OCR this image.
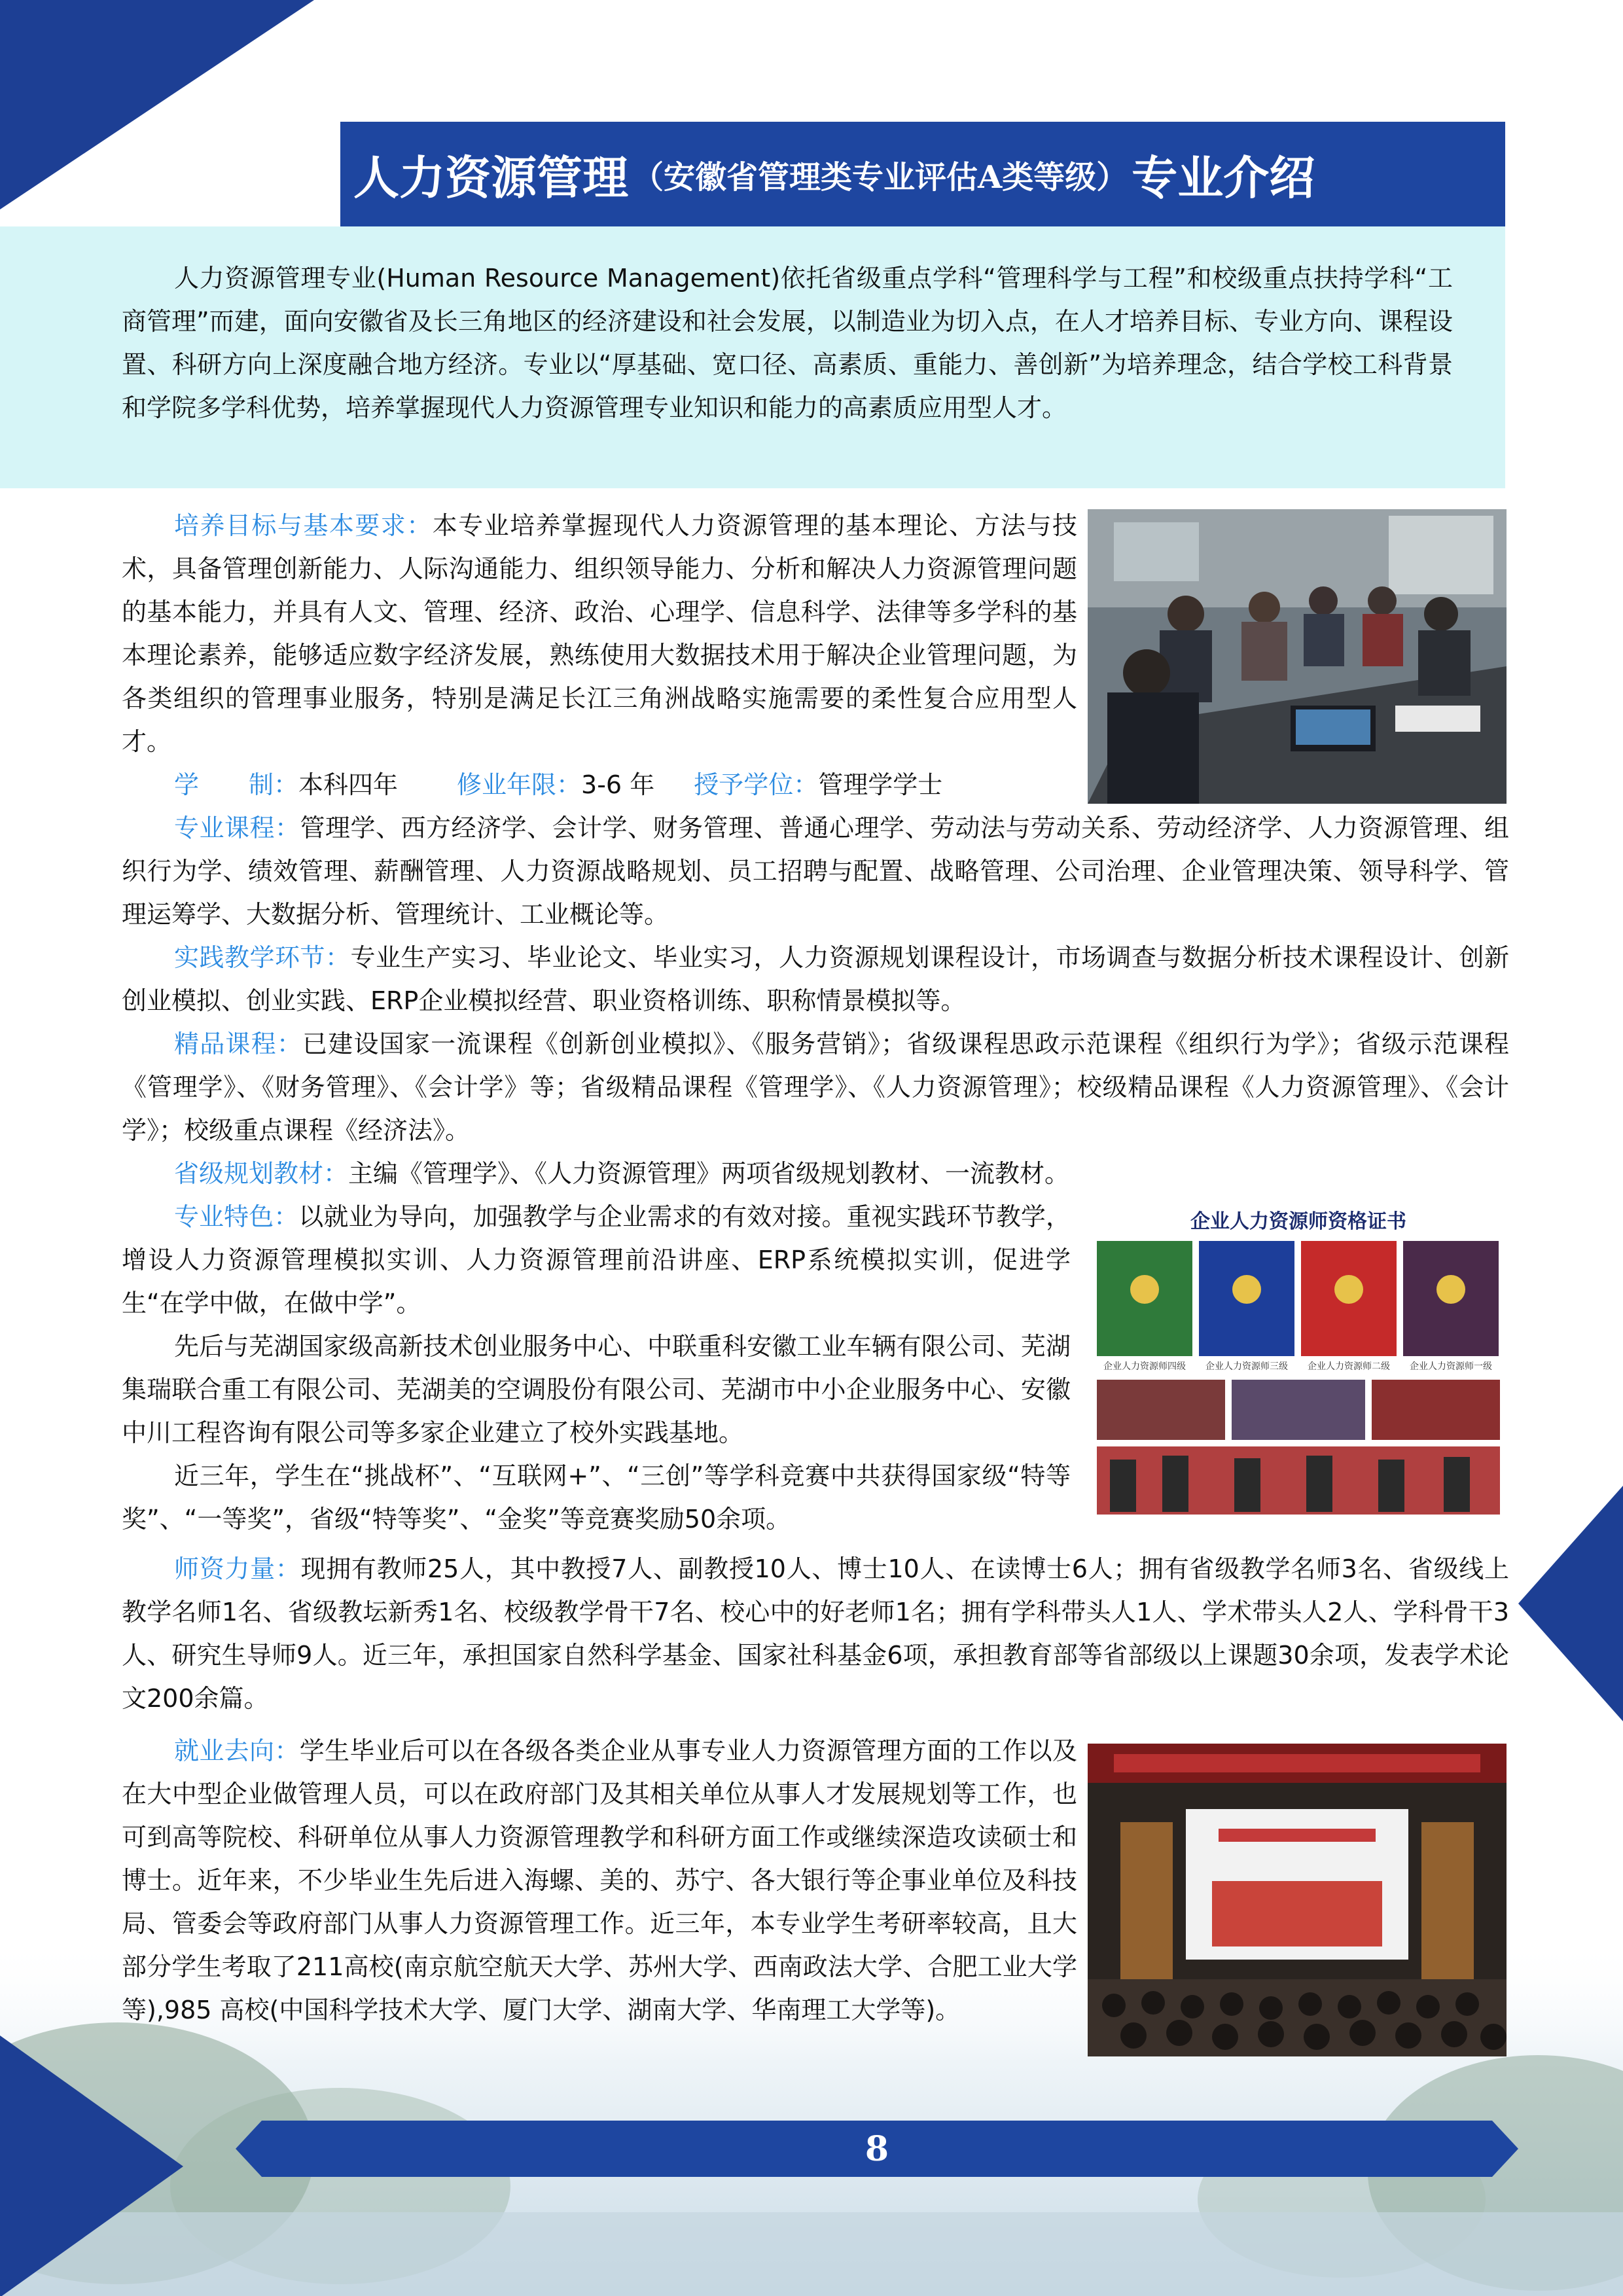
人力资源管理 （安徽省管理类专业评估A类等级） 专业介绍

人力资源管理专业(Human Resource Management)依托省级重点学科“管理科学与工程”和校级重点扶持学科“工商管理”而建，面向安徽省及长三角地区的经济建设和社会发展，以制造业为切入点，在人才培养目标、专业方向、课程设置、科研方向上深度融合地方经济。专业以“厚基础、宽口径、高素质、重能力、善创新”为培养理念，结合学校工科背景和学院多学科优势，培养掌握现代人力资源管理专业知识和能力的高素质应用型人才。

培养目标与基本要求：本专业培养掌握现代人力资源管理的基本理论、方法与技术，具备管理创新能力、人际沟通能力、组织领导能力、分析和解决人力资源管理问题的基本能力，并具有人文、管理、经济、政治、心理学、信息科学、法律等多学科的基本理论素养，能够适应数字经济发展，熟练使用大数据技术用于解决企业管理问题，为各类组织的管理事业服务，特别是满足长江三角洲战略实施需要的柔性复合应用型人才。

学　　制：本科四年 修业年限：3-6 年 授予学位：管理学学士

专业课程：管理学、西方经济学、会计学、财务管理、普通心理学、劳动法与劳动关系、劳动经济学、人力资源管理、组织行为学、绩效管理、薪酬管理、人力资源战略规划、员工招聘与配置、战略管理、公司治理、企业管理决策、领导科学、管理运筹学、大数据分析、管理统计、工业概论等。

实践教学环节：专业生产实习、毕业论文、毕业实习，人力资源规划课程设计，市场调查与数据分析技术课程设计、创新创业模拟、创业实践、ERP企业模拟经营、职业资格训练、职称情景模拟等。

精品课程：已建设国家一流课程《创新创业模拟》、《服务营销》；省级课程思政示范课程《组织行为学》；省级示范课程《管理学》、《财务管理》、《会计学》等；省级精品课程《管理学》、《人力资源管理》；校级精品课程《人力资源管理》、《会计学》；校级重点课程《经济法》。

省级规划教材：主编《管理学》、《人力资源管理》两项省级规划教材、一流教材。

专业特色：以就业为导向，加强教学与企业需求的有效对接。重视实践环节教学，增设人力资源管理模拟实训、人力资源管理前沿讲座、ERP系统模拟实训，促进学生“在学中做，在做中学”。

先后与芜湖国家级高新技术创业服务中心、中联重科安徽工业车辆有限公司、芜湖集瑞联合重工有限公司、芜湖美的空调股份有限公司、芜湖市中小企业服务中心、安徽中川工程咨询有限公司等多家企业建立了校外实践基地。

近三年，学生在“挑战杯”、“互联网+”、“三创”等学科竞赛中共获得国家级“特等奖”、“一等奖”，省级“特等奖”、“金奖”等竞赛奖励50余项。

企业人力资源师资格证书
企业人力资源师四级 企业人力资源师三级 企业人力资源师二级 企业人力资源师一级

师资力量：现拥有教师25人，其中教授7人、副教授10人、博士10人、在读博士6人；拥有省级教学名师3名、省级线上教学名师1名、省级教坛新秀1名、校级教学骨干7名、校心中的好老师1名；拥有学科带头人1人、学术带头人2人、学科骨干3人、研究生导师9人。近三年，承担国家自然科学基金、国家社科基金6项，承担教育部等省部级以上课题30余项，发表学术论文200余篇。

就业去向：学生毕业后可以在各级各类企业从事专业人力资源管理方面的工作以及在大中型企业做管理人员，可以在政府部门及其相关单位从事人才发展规划等工作，也可到高等院校、科研单位从事人力资源管理教学和科研方面工作或继续深造攻读硕士和博士。近年来，不少毕业生先后进入海螺、美的、苏宁、各大银行等企事业单位及科技局、管委会等政府部门从事人力资源管理工作。近三年，本专业学生考研率较高，且大部分学生考取了211高校(南京航空航天大学、苏州大学、西南政法大学、合肥工业大学等),985 高校(中国科学技术大学、厦门大学、湖南大学、华南理工大学等)。

8
